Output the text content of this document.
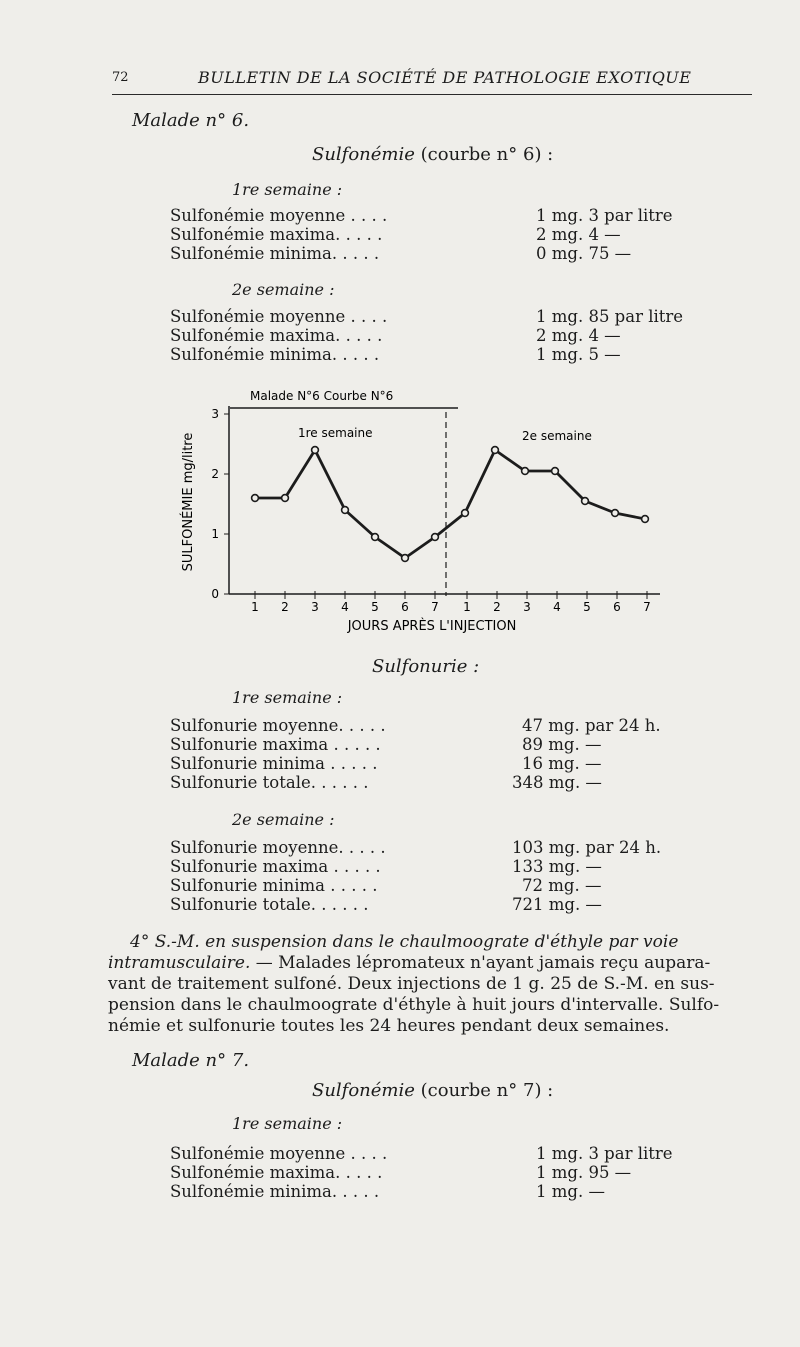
72	BULLETIN DE LA SOCIÉTÉ DE PATHOLOGIE EXOTIQUE
Malade n° 6.
Sulfonémie (courbe n° 6) :
1re semaine :
Sulfonémie moyenne . . . .	1 mg. 3 par litre
Sulfonémie maxima. . . . .	2 mg. 4 —
Sulfonémie minima. . . . .	0 mg. 75 —
2e semaine :
Sulfonémie moyenne . . . .	1 mg. 85 par litre
Sulfonémie maxima. . . . .	2 mg. 4 —
Sulfonémie minima. . . . .	1 mg. 5 —
Malade N°6 Courbe N°6
SULFONÉMIE mg/litre	1re semaine	2e semaine
0
1
2
3
1 2 3 4 5 6 7 1 2 3 4 5 6 7
JOURS APRÈS L'INJECTION
Sulfonurie :
1re semaine :
Sulfonurie moyenne. . . . .	47 mg. par 24 h.
Sulfonurie maxima . . . . .	89 mg. —
Sulfonurie minima . . . . .	16 mg. —
Sulfonurie totale. . . . . .	348 mg. —
2e semaine :
Sulfonurie moyenne. . . . .	103 mg. par 24 h.
Sulfonurie maxima . . . . .	133 mg. —
Sulfonurie minima . . . . .	72 mg. —
Sulfonurie totale. . . . . .	721 mg. —
4° S.-M. en suspension dans le chaulmoograte d'éthyle par voie
intramusculaire. — Malades lépromateux n'ayant jamais reçu aupara-
vant de traitement sulfoné. Deux injections de 1 g. 25 de S.-M. en sus-
pension dans le chaulmoograte d'éthyle à huit jours d'intervalle. Sulfo-
némie et sulfonurie toutes les 24 heures pendant deux semaines.
Malade n° 7.
Sulfonémie (courbe n° 7) :
1re semaine :
Sulfonémie moyenne . . . .	1 mg. 3 par litre
Sulfonémie maxima. . . . .	1 mg. 95 —
Sulfonémie minima. . . . .	1 mg. —
